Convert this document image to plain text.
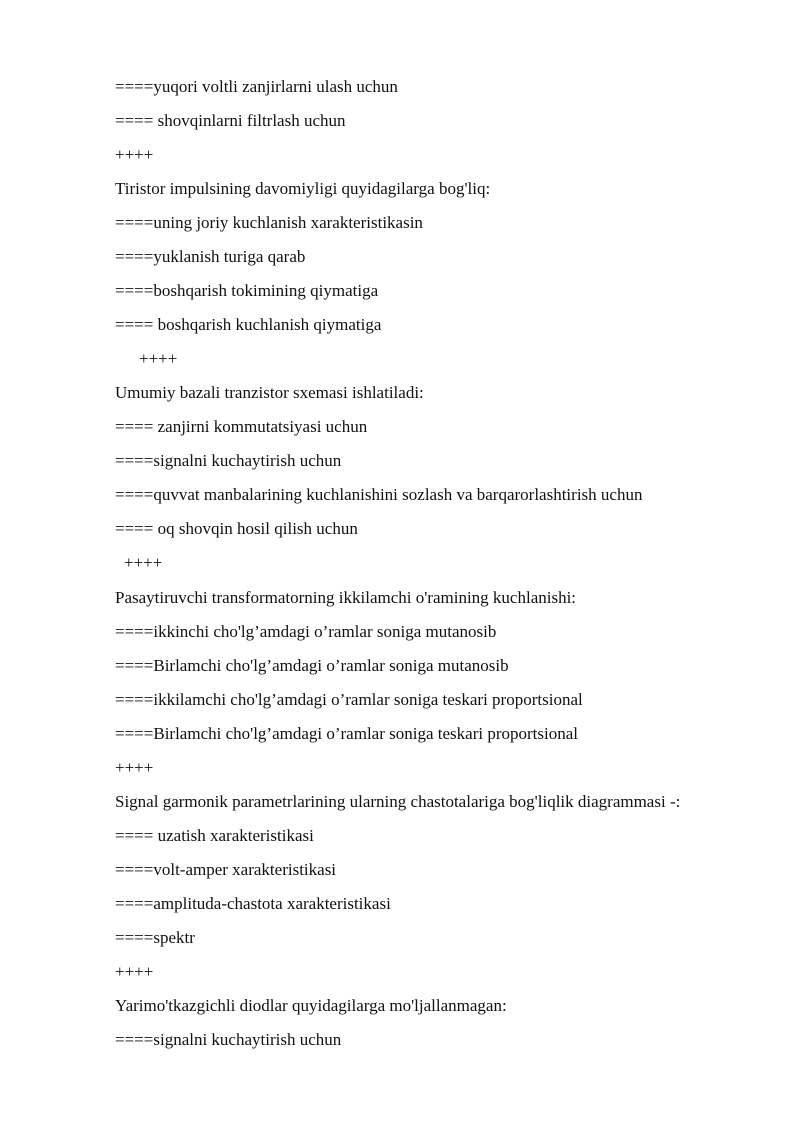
====yuqori voltli zanjirlarni ulash uchun
==== shovqinlarni filtrlash uchun
++++
Tiristor impulsining davomiyligi quyidagilarga bog'liq:
====uning joriy kuchlanish xarakteristikasin
====yuklanish turiga qarab
====boshqarish tokimining qiymatiga
==== boshqarish kuchlanish qiymatiga
++++
Umumiy bazali tranzistor sxemasi ishlatiladi:
==== zanjirni kommutatsiyasi uchun
====signalni kuchaytirish uchun
====quvvat manbalarining kuchlanishini sozlash va barqarorlashtirish uchun
==== oq shovqin hosil qilish uchun
++++
Pasaytiruvchi transformatorning ikkilamchi o'ramining kuchlanishi:
====ikkinchi cho'lg’amdagi o’ramlar soniga mutanosib
====Birlamchi cho'lg’amdagi o’ramlar soniga mutanosib
====ikkilamchi cho'lg’amdagi o’ramlar soniga teskari proportsional
====Birlamchi cho'lg’amdagi o’ramlar soniga teskari proportsional
++++
Signal garmonik parametrlarining ularning chastotalariga bog'liqlik diagrammasi -:
==== uzatish xarakteristikasi
====volt-amper xarakteristikasi
====amplituda-chastota xarakteristikasi
====spektr
++++
Yarimo'tkazgichli diodlar quyidagilarga mo'ljallanmagan:
====signalni kuchaytirish uchun
